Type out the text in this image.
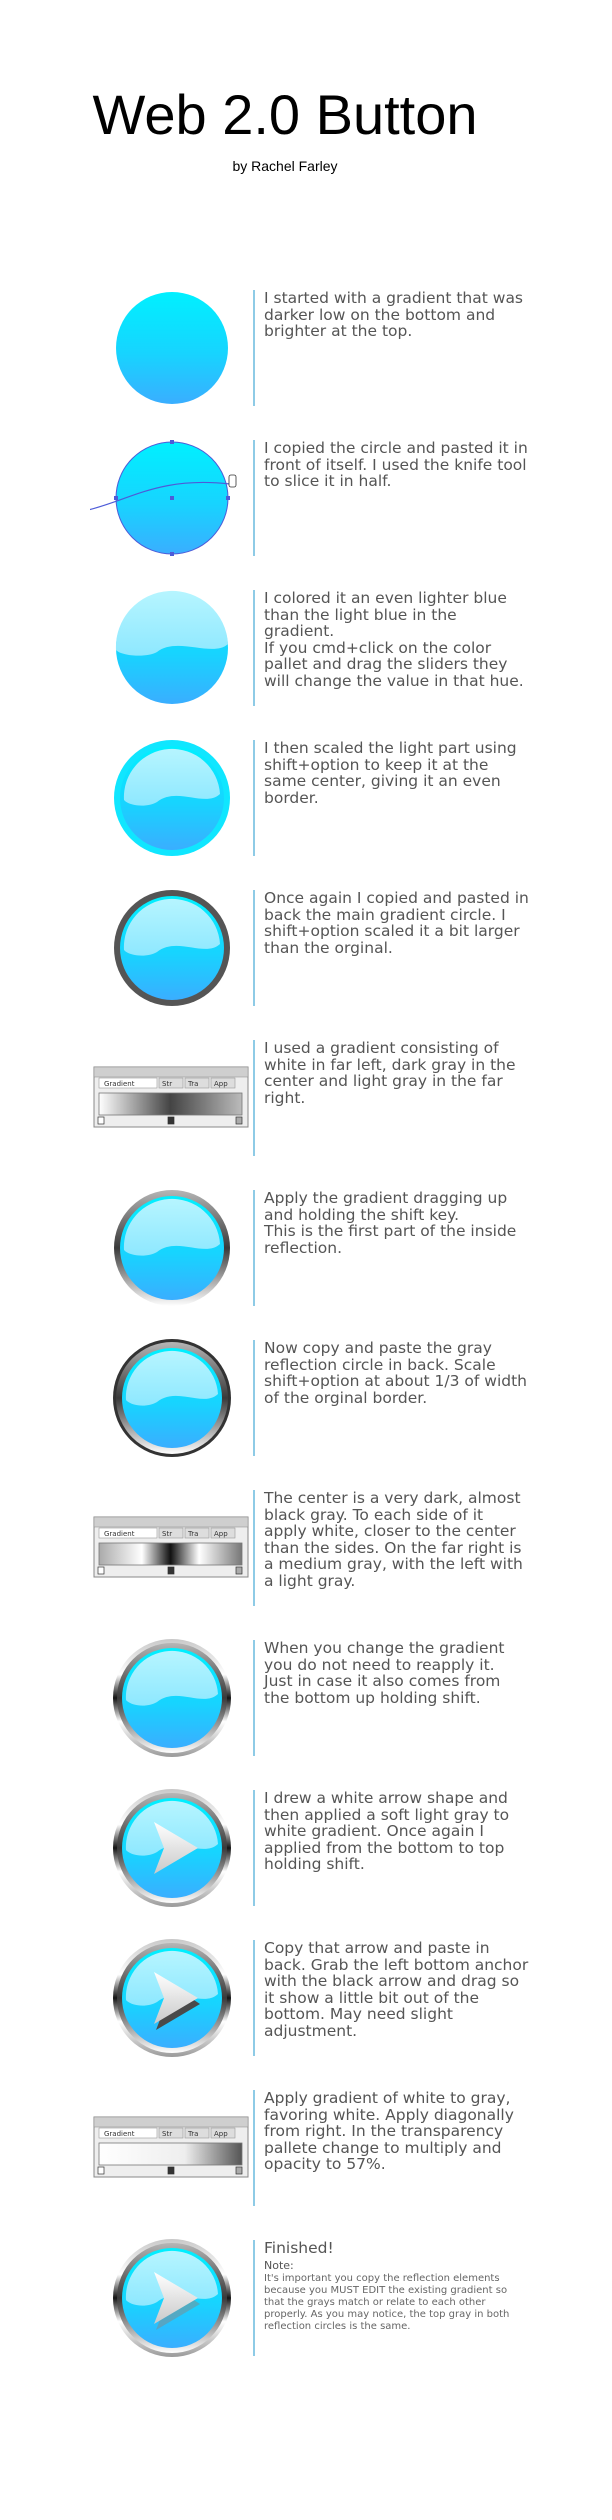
Web 2.0 Button
by Rachel Farley

I started with a gradient that was darker low on the bottom and brighter at the top.

I copied the circle and pasted it in front of itself. I used the knife tool to slice it in half.

I colored it an even lighter blue than the light blue in the gradient.

If you cmd+click on the color pallet and drag the sliders they will change the value in that hue.

I then scaled the light part using shift+option to keep it at the same center, giving it an even border.

Once again I copied and pasted in back the main gradient circle. I shift+option scaled it a bit larger than the orginal.

Gradient	Str Tra App

I used a gradient consisting of white in far left, dark gray in the center and light gray in the far right.

Apply the gradient dragging up and holding the shift key.

This is the first part of the inside reflection.

Now copy and paste the gray reflection circle in back. Scale shift+option at about 1/3 of width of the orginal border.

Gradient	Str Tra App

The center is a very dark, almost black gray. To each side of it apply white, closer to the center than the sides. On the far right is a medium gray, with the left with a light gray.

When you change the gradient you do not need to reapply it.

Just in case it also comes from the bottom up holding shift.

I drew a white arrow shape and then applied a soft light gray to white gradient. Once again I applied from the bottom to top holding shift.

Copy that arrow and paste in back. Grab the left bottom anchor with the black arrow and drag so it show a little bit out of the bottom. May need slight adjustment.

Gradient	Str Tra App

Apply gradient of white to gray, favoring white. Apply diagonally from right. In the transparency pallete change to multiply and opacity to 57%.

Finished!

Note:

It's important you copy the reflection elements because you MUST EDIT the existing gradient so that the grays match or relate to each other properly. As you may notice, the top gray in both reflection circles is the same.
